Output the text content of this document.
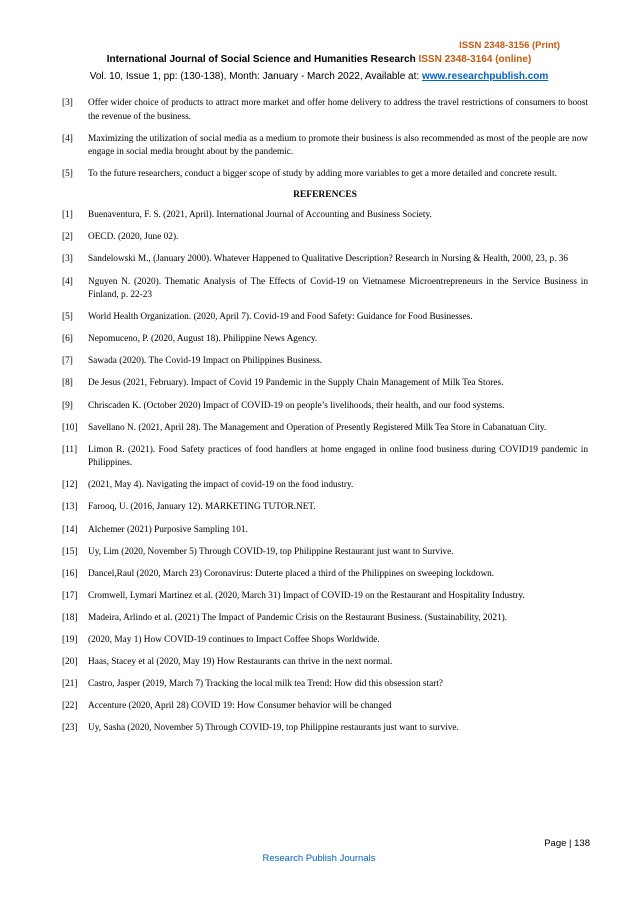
ISSN 2348-3156 (Print)
International Journal of Social Science and Humanities Research ISSN 2348-3164 (online)
Vol. 10, Issue 1, pp: (130-138), Month: January - March 2022, Available at: www.researchpublish.com
[3] Offer wider choice of products to attract more market and offer home delivery to address the travel restrictions of consumers to boost the revenue of the business.
[4] Maximizing the utilization of social media as a medium to promote their business is also recommended as most of the people are now engage in social media brought about by the pandemic.
[5] To the future researchers, conduct a bigger scope of study by adding more variables to get a more detailed and concrete result.
REFERENCES
[1] Buenaventura, F. S. (2021, April). International Journal of Accounting and Business Society.
[2] OECD. (2020, June 02).
[3] Sandelowski M., (January 2000). Whatever Happened to Qualitative Description? Research in Nursing & Health, 2000, 23, p. 36
[4] Nguyen N. (2020). Thematic Analysis of The Effects of Covid-19 on Vietnamese Microentrepreneurs in the Service Business in Finland, p. 22-23
[5] World Health Organization. (2020, April 7). Covid-19 and Food Safety: Guidance for Food Businesses.
[6] Nepomuceno, P. (2020, August 18). Philippine News Agency.
[7] Sawada (2020). The Covid-19 Impact on Philippines Business.
[8] De Jesus (2021, February). Impact of Covid 19 Pandemic in the Supply Chain Management of Milk Tea Stores.
[9] Chriscaden K. (October 2020) Impact of COVID-19 on people’s livelihoods, their health, and our food systems.
[10] Savellano N. (2021, April 28). The Management and Operation of Presently Registered Milk Tea Store in Cabanatuan City.
[11] Limon R. (2021). Food Safety practices of food handlers at home engaged in online food business during COVID19 pandemic in Philippines.
[12] (2021, May 4). Navigating the impact of covid-19 on the food industry.
[13] Farooq, U. (2016, January 12). MARKETING TUTOR.NET.
[14] Alchemer (2021) Purposive Sampling 101.
[15] Uy, Lim (2020, November 5) Through COVID-19, top Philippine Restaurant just want to Survive.
[16] Dancel,Raul (2020, March 23) Coronavirus: Duterte placed a third of the Philippines on sweeping lockdown.
[17] Cromwell, Lymari Martinez et al. (2020, March 31) Impact of COVID-19 on the Restaurant and Hospitality Industry.
[18] Madeira, Arlindo et al. (2021) The Impact of Pandemic Crisis on the Restaurant Business. (Sustainability, 2021).
[19] (2020, May 1) How COVID-19 continues to Impact Coffee Shops Worldwide.
[20] Haas, Stacey et al (2020, May 19) How Restaurants can thrive in the next normal.
[21] Castro, Jasper (2019, March 7) Tracking the local milk tea Trend: How did this obsession start?
[22] Accenture (2020, April 28) COVID 19: How Consumer behavior will be changed
[23] Uy, Sasha (2020, November 5) Through COVID-19, top Philippine restaurants just want to survive.
Page | 138
Research Publish Journals
